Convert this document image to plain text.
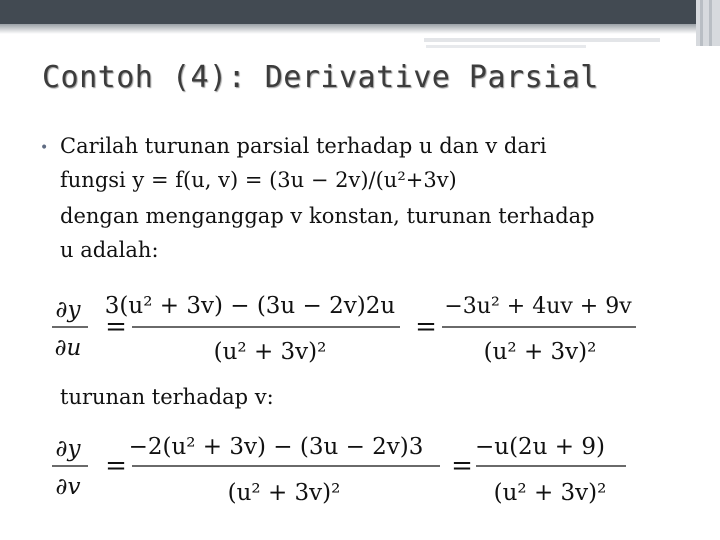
Contoh (4): Derivative Parsial
• Carilah turunan parsial terhadap u dan v dari
fungsi y = f(u, v) = (3u − 2v)/(u²+3v)
dengan menganggap v konstan, turunan terhadap
u adalah:
∂y
∂u
=
3(u² + 3v) − (3u − 2v)2u
(u² + 3v)²
=
−3u² + 4uv + 9v
(u² + 3v)²
turunan terhadap v:
∂y
∂v
=
−2(u² + 3v) − (3u − 2v)3
(u² + 3v)²
=
−u(2u + 9)
(u² + 3v)²
